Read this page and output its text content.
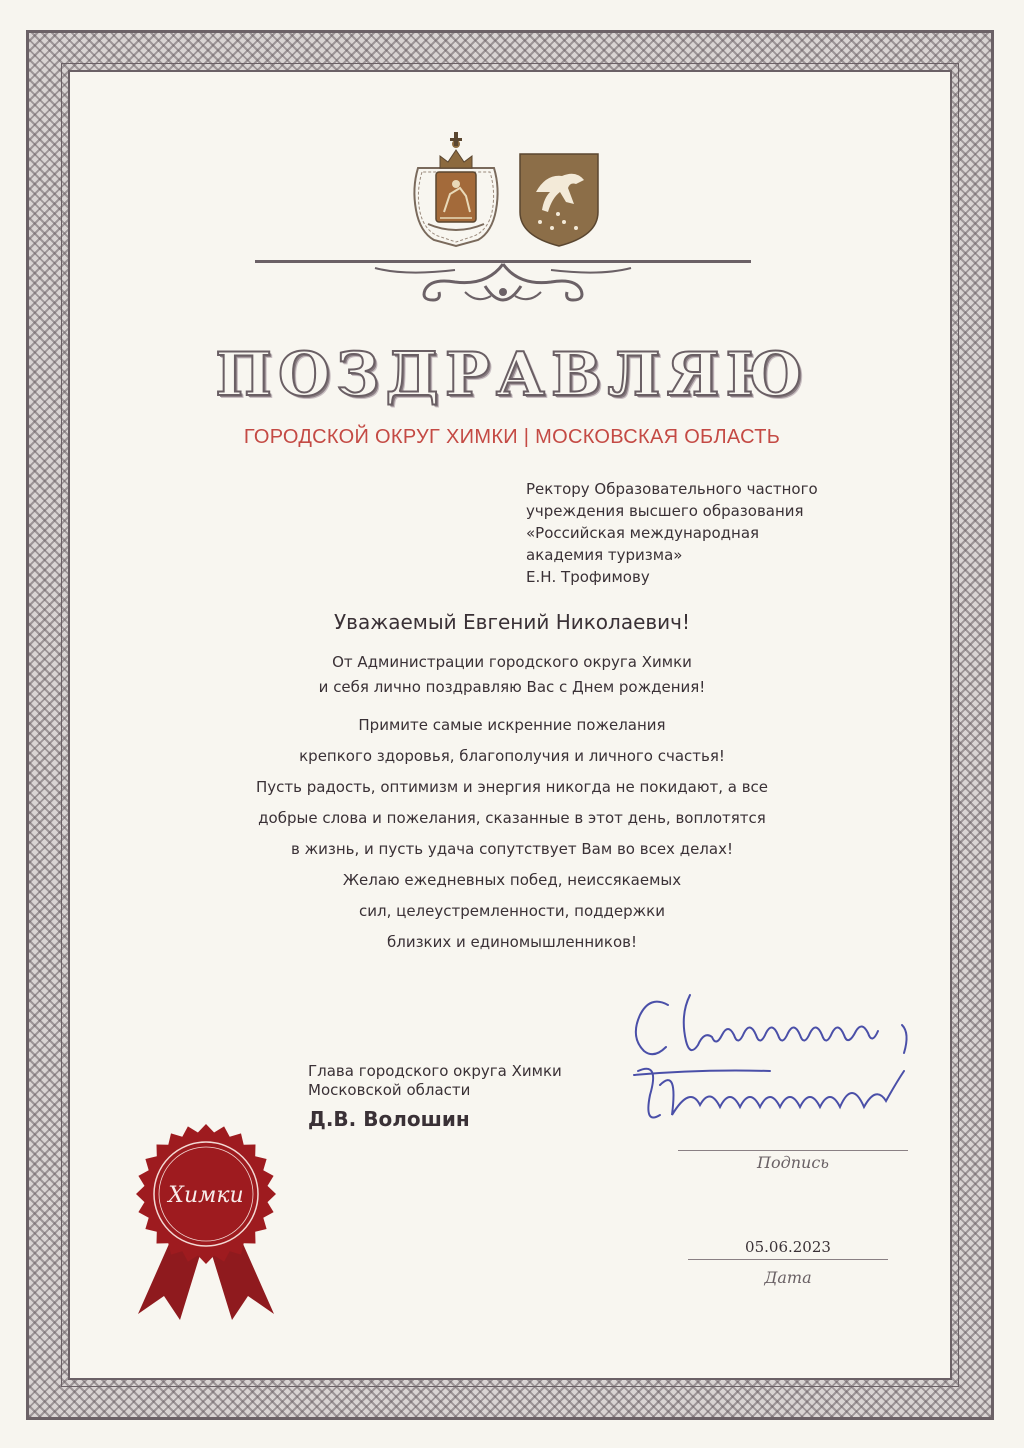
ПОЗДРАВЛЯЮ
ГОРОДСКОЙ ОКРУГ ХИМКИ | МОСКОВСКАЯ ОБЛАСТЬ
Ректору Образовательного частного
учреждения высшего образования
«Российская международная
академия туризма»
Е.Н. Трофимову
Уважаемый Евгений Николаевич!
От Администрации городского округа Химки
и себя лично поздравляю Вас с Днем рождения!
Примите самые искренние пожелания
крепкого здоровья, благополучия и личного счастья!
Пусть радость, оптимизм и энергия никогда не покидают, а все
добрые слова и пожелания, сказанные в этот день, воплотятся
в жизнь, и пусть удача сопутствует Вам во всех делах!
Желаю ежедневных побед, неиссякаемых
сил, целеустремленности, поддержки
близких и единомышленников!
Глава городского округа Химки
Московской области
Д.В. Волошин
Подпись
05.06.2023
Дата
Химки
